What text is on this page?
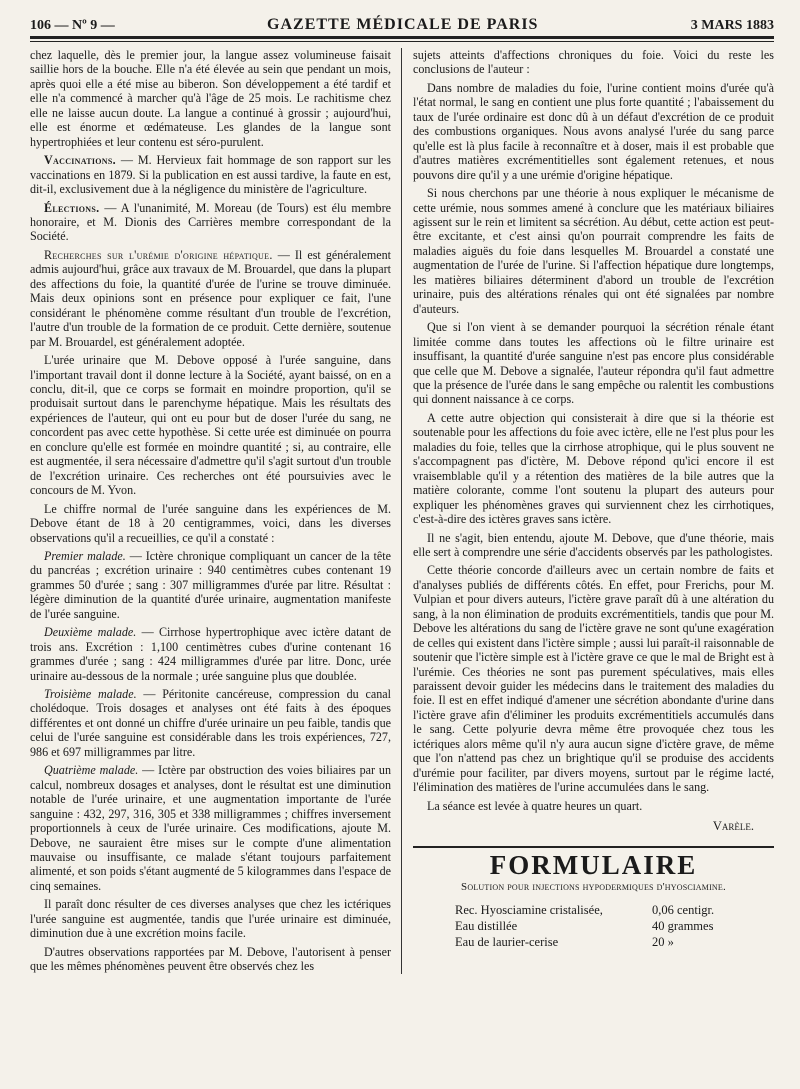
106 — Nº 9 —	GAZETTE MÉDICALE DE PARIS	3 MARS 1883

chez laquelle, dès le premier jour, la langue assez volumineuse faisait saillie hors de la bouche. Elle n'a été élevée au sein que pendant un mois, après quoi elle a été mise au biberon. Son développement a été tardif et elle n'a commencé à marcher qu'à l'âge de 25 mois. Le rachitisme chez elle ne laisse aucun doute. La langue a continué à grossir ; aujourd'hui, elle est énorme et œdémateuse. Les glandes de la langue sont hypertrophiées et leur contenu est séro-purulent.

Vaccinations. — M. Hervieux fait hommage de son rapport sur les vaccinations en 1879. Si la publication en est aussi tardive, la faute en est, dit-il, exclusivement due à la négligence du ministère de l'agriculture.

Élections. — A l'unanimité, M. Moreau (de Tours) est élu membre honoraire, et M. Dionis des Carrières membre correspondant de la Société.

Recherches sur l'urémie d'origine hépatique. — Il est généralement admis aujourd'hui, grâce aux travaux de M. Brouardel, que dans la plupart des affections du foie, la quantité d'urée de l'urine se trouve diminuée. Mais deux opinions sont en présence pour expliquer ce fait, l'une considérant le phénomène comme résultant d'un trouble de l'excrétion, l'autre d'un trouble de la formation de ce produit. Cette dernière, soutenue par M. Brouardel, est généralement adoptée.

L'urée urinaire que M. Debove opposé à l'urée sanguine, dans l'important travail dont il donne lecture à la Société, ayant baissé, on en a conclu, dit-il, que ce corps se formait en moindre proportion, qu'il se produisait surtout dans le parenchyme hépatique. Mais les résultats des expériences de l'auteur, qui ont eu pour but de doser l'urée du sang, ne concordent pas avec cette hypothèse. Si cette urée est diminuée on pourra en conclure qu'elle est formée en moindre quantité ; si, au contraire, elle est augmentée, il sera nécessaire d'admettre qu'il s'agit surtout d'un trouble de l'excrétion urinaire. Ces recherches ont été poursuivies avec le concours de M. Yvon.

Le chiffre normal de l'urée sanguine dans les expériences de M. Debove étant de 18 à 20 centigrammes, voici, dans les diverses observations qu'il a recueillies, ce qu'il a constaté :

Premier malade. — Ictère chronique compliquant un cancer de la tête du pancréas ; excrétion urinaire : 940 centimètres cubes contenant 19 grammes 50 d'urée ; sang : 307 milligrammes d'urée par litre. Résultat : légère diminution de la quantité d'urée urinaire, augmentation manifeste de l'urée sanguine.

Deuxième malade. — Cirrhose hypertrophique avec ictère datant de trois ans. Excrétion : 1,100 centimètres cubes d'urine contenant 16 grammes d'urée ; sang : 424 milligrammes d'urée par litre. Donc, urée urinaire au-dessous de la normale ; urée sanguine plus que doublée.

Troisième malade. — Péritonite cancéreuse, compression du canal cholédoque. Trois dosages et analyses ont été faits à des époques différentes et ont donné un chiffre d'urée urinaire un peu faible, tandis que celui de l'urée sanguine est considérable dans les trois expériences, 727, 986 et 697 milligrammes par litre.

Quatrième malade. — Ictère par obstruction des voies biliaires par un calcul, nombreux dosages et analyses, dont le résultat est une diminution notable de l'urée urinaire, et une augmentation importante de l'urée sanguine : 432, 297, 316, 305 et 338 milligrammes ; chiffres inversement proportionnels à ceux de l'urée urinaire. Ces modifications, ajoute M. Debove, ne sauraient être mises sur le compte d'une alimentation mauvaise ou insuffisante, ce malade s'étant toujours parfaitement alimenté, et son poids s'étant augmenté de 5 kilogrammes dans l'espace de cinq semaines.

Il paraît donc résulter de ces diverses analyses que chez les ictériques l'urée sanguine est augmentée, tandis que l'urée urinaire est diminuée, diminution due à une excrétion moins facile.

D'autres observations rapportées par M. Debove, l'autorisent à penser que les mêmes phénomènes peuvent être observés chez les

sujets atteints d'affections chroniques du foie. Voici du reste les conclusions de l'auteur :

Dans nombre de maladies du foie, l'urine contient moins d'urée qu'à l'état normal, le sang en contient une plus forte quantité ; l'abaissement du taux de l'urée ordinaire est donc dû à un défaut d'excrétion de ce produit des combustions organiques. Nous avons analysé l'urée du sang parce qu'elle est là plus facile à reconnaître et à doser, mais il est probable que d'autres matières excrémentitielles sont également retenues, et nous pouvons dire qu'il y a une urémie d'origine hépatique.

Si nous cherchons par une théorie à nous expliquer le mécanisme de cette urémie, nous sommes amené à conclure que les matériaux biliaires agissent sur le rein et limitent sa sécrétion. Au début, cette action est peut-être excitante, et c'est ainsi qu'on pourrait comprendre les faits de maladies aiguës du foie dans lesquelles M. Brouardel a constaté une augmentation de l'urée de l'urine. Si l'affection hépatique dure longtemps, les matières biliaires déterminent d'abord un trouble de l'excrétion urinaire, puis des altérations rénales qui ont été signalées par nombre d'auteurs.

Que si l'on vient à se demander pourquoi la sécrétion rénale étant limitée comme dans toutes les affections où le filtre urinaire est insuffisant, la quantité d'urée sanguine n'est pas encore plus considérable que celle que M. Debove a signalée, l'auteur répondra qu'il faut admettre que la présence de l'urée dans le sang empêche ou ralentit les combustions qui donnent naissance à ce corps.

A cette autre objection qui consisterait à dire que si la théorie est soutenable pour les affections du foie avec ictère, elle ne l'est plus pour les maladies du foie, telles que la cirrhose atrophique, qui le plus souvent ne s'accompagnent pas d'ictère, M. Debove répond qu'ici encore il est vraisemblable qu'il y a rétention des matières de la bile autres que la matière colorante, comme l'ont soutenu la plupart des auteurs pour expliquer les phénomènes graves qui surviennent chez les cirrhotiques, c'est-à-dire des ictères graves sans ictère.

Il ne s'agit, bien entendu, ajoute M. Debove, que d'une théorie, mais elle sert à comprendre une série d'accidents observés par les pathologistes.

Cette théorie concorde d'ailleurs avec un certain nombre de faits et d'analyses publiés de différents côtés. En effet, pour Frerichs, pour M. Vulpian et pour divers auteurs, l'ictère grave paraît dû à une altération du sang, à la non élimination de produits excrémentitiels, tandis que pour M. Debove les altérations du sang de l'ictère grave ne sont qu'une exagération de celles qui existent dans l'ictère simple ; aussi lui paraît-il raisonnable de soutenir que l'ictère simple est à l'ictère grave ce que le mal de Bright est à l'urémie. Ces théories ne sont pas purement spéculatives, mais elles paraissent devoir guider les médecins dans le traitement des maladies du foie. Il est en effet indiqué d'amener une sécrétion abondante d'urine dans l'ictère grave afin d'éliminer les produits excrémentitiels accumulés dans le sang. Cette polyurie devra même être provoquée chez tous les ictériques alors même qu'il n'y aura aucun signe d'ictère grave, de même que l'on n'attend pas chez un brightique qu'il se produise des accidents d'urémie pour faciliter, par divers moyens, surtout par le régime lacté, l'élimination des matières de l'urine accumulées dans le sang.

La séance est levée à quatre heures un quart.

Varèle.
FORMULAIRE
Solution pour injections hypodermiques d'hyosciamine.
Rec. Hyosciamine cristalisée,	0,06 centigr.
Eau distillée	40 grammes
Eau de laurier-cerise	20 »
